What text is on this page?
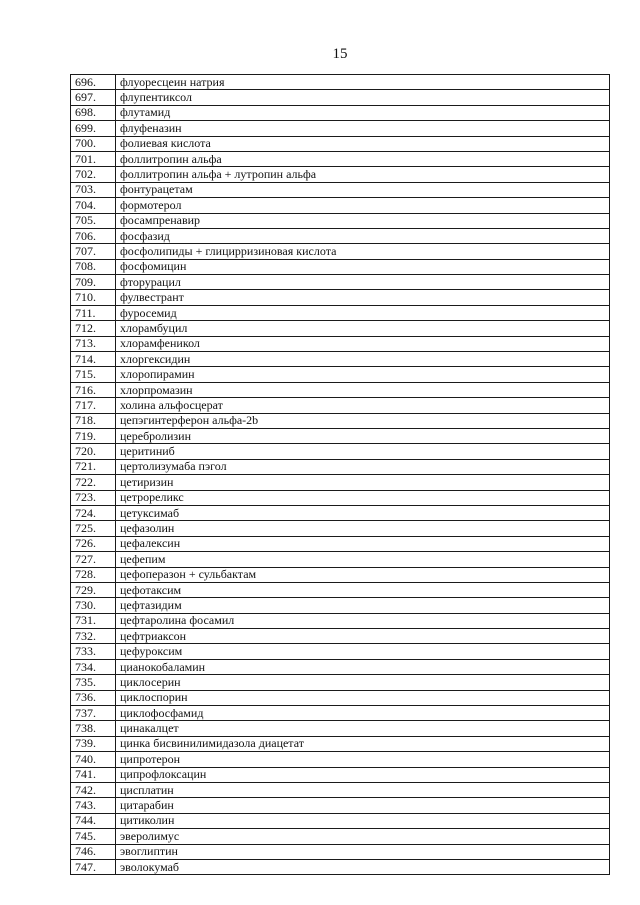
15
696.	флуоресцеин натрия
697.	флупентиксол
698.	флутамид
699.	флуфеназин
700.	фолиевая кислота
701.	фоллитропин альфа
702.	фоллитропин альфа + лутропин альфа
703.	фонтурацетам
704.	формотерол
705.	фосампренавир
706.	фосфазид
707.	фосфолипиды + глицирризиновая кислота
708.	фосфомицин
709.	фторурацил
710.	фулвестрант
711.	фуросемид
712.	хлорамбуцил
713.	хлорамфеникол
714.	хлоргексидин
715.	хлоропирамин
716.	хлорпромазин
717.	холина альфосцерат
718.	цепэгинтерферон альфа-2b
719.	церебролизин
720.	церитиниб
721.	цертолизумаба пэгол
722.	цетиризин
723.	цетрореликс
724.	цетуксимаб
725.	цефазолин
726.	цефалексин
727.	цефепим
728.	цефоперазон + сульбактам
729.	цефотаксим
730.	цефтазидим
731.	цефтаролина фосамил
732.	цефтриаксон
733.	цефуроксим
734.	цианокобаламин
735.	циклосерин
736.	циклоспорин
737.	циклофосфамид
738.	цинакалцет
739.	цинка бисвинилимидазола диацетат
740.	ципротерон
741.	ципрофлоксацин
742.	цисплатин
743.	цитарабин
744.	цитиколин
745.	эверолимус
746.	эвоглиптин
747.	эволокумаб
